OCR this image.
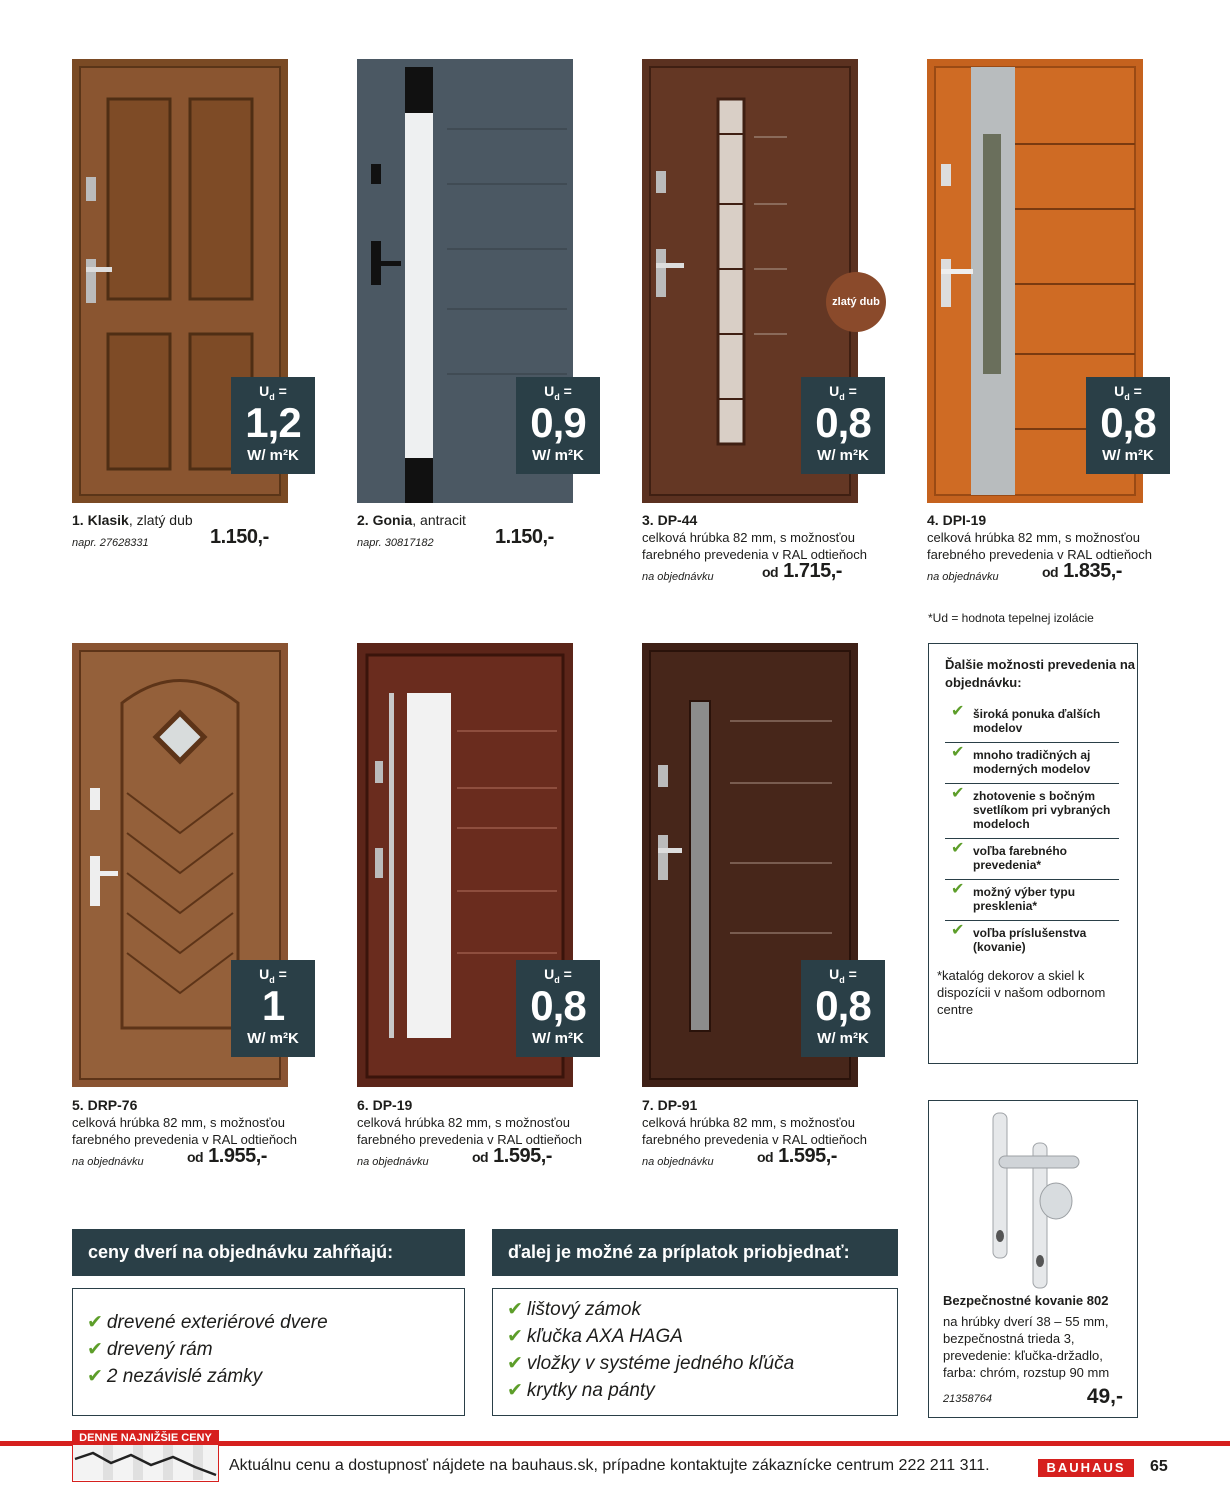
$U_d$ =
1,2
W/ m²K
1. Klasik, zlatý dub
napr. 27628331	1.150,-
$U_d$ =
0,9
W/ m²K
2. Gonia, antracit
napr. 30817182	1.150,-
zlatý dub
$U_d$ =
0,8
W/ m²K
3. DP-44
celková hrúbka 82 mm, s možnosťou farebného prevedenia v RAL odtieňoch
na objednávku	od 1.715,-
$U_d$ =
0,8
W/ m²K
4. DPI-19
celková hrúbka 82 mm, s možnosťou farebného prevedenia v RAL odtieňoch
na objednávku	od 1.835,-
*Ud = hodnota tepelnej izolácie
$U_d$ =
1
W/ m²K
5. DRP-76
celková hrúbka 82 mm, s možnosťou farebného prevedenia v RAL odtieňoch
na objednávku	od 1.955,-
$U_d$ =
0,8
W/ m²K
6. DP-19
celková hrúbka 82 mm, s možnosťou farebného prevedenia v RAL odtieňoch
na objednávku	od 1.595,-
$U_d$ =
0,8
W/ m²K
7. DP-91
celková hrúbka 82 mm, s možnosťou farebného prevedenia v RAL odtieňoch
na objednávku	od 1.595,-
Ďalšie možnosti prevedenia na objednávku:
✔ široká ponuka ďalších modelov
✔ mnoho tradičných aj moderných modelov
✔ zhotovenie s bočným svetlíkom pri vybraných modeloch
✔ voľba farebného prevedenia*
✔ možný výber typu presklenia*
✔ voľba príslušenstva (kovanie)
*katalóg dekorov a skiel k dispozícii v našom odbornom centre
Bezpečnostné kovanie 802
na hrúbky dverí 38 – 55 mm, bezpečnostná trieda 3, prevedenie: kľučka-držadlo, farba: chróm, rozstup 90 mm
21358764	49,-
ceny dverí na objednávku zahŕňajú:	ďalej je možné za príplatok priobjednať:
✔ drevené exteriérové dvere
✔ drevený rám
✔ 2 nezávislé zámky
✔ lištový zámok
✔ kľučka AXA HAGA
✔ vložky v systéme jedného kľúča
✔ krytky na pánty
DENNE NAJNIŽŠIE CENY
Aktuálnu cenu a dostupnosť nájdete na bauhaus.sk, prípadne kontaktujte zákaznícke centrum 222 211 311.	BAUHAUS	65
